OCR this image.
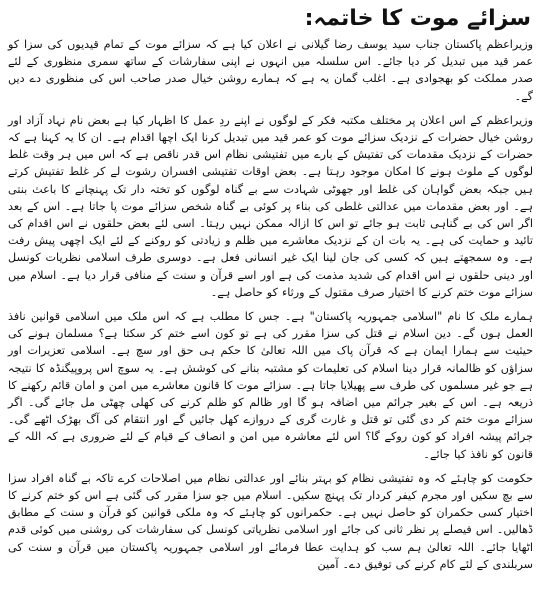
سزائے موت کا خاتمہ:
وزیراعظم پاکستان جناب سید یوسف رضا گیلانی نے اعلان کیا ہے کہ سزائے موت کے تمام قیدیوں کی سزا کو عمر قید میں تبدیل کر دیا جائے۔ اس سلسلہ میں انہوں نے اپنی سفارشات کے ساتھ سمری منظوری کے لئے صدر مملکت کو بھجوادی ہے۔ اغلب گمان یہ ہے کہ ہمارے روشن خیال صدر صاحب اس کی منظوری دے دیں گے۔
وزیراعظم کے اس اعلان پر مختلف مکتبہ فکر کے لوگوں نے اپنے ردِ عمل کا اظہار کیا ہے بعض نام نہاد آزاد اور روشن خیال حضرات کے نزدیک سزائے موت کو عمر قید میں تبدیل کرنا ایک اچھا اقدام ہے۔ ان کا یہ کہنا ہے کہ حضرات کے نزدیک مقدمات کی تفتیش کے بارے میں تفتیشی نظام اس قدر ناقص ہے کہ اس میں ہر وقت غلط لوگوں کے ملوث ہونے کا امکان موجود رہتا ہے۔ بعض اوقات تفتیشی افسران رشوت لے کر غلط تفتیش کرتے ہیں جبکہ بعض گواہان کی غلط اور جھوٹی شہادت سے بے گناہ لوگوں کو تختہ دار تک پہنچانے کا باعث بنتی ہے۔ اور بعض مقدمات میں عدالتی غلطی کی بناء پر کوئی بے گناہ شخص سزائے موت پا جاتا ہے۔ اس کے بعد اگر اس کی بے گناہی ثابت ہو جائے تو اس کا ازالہ ممکن نہیں رہتا۔ اسی لئے بعض حلقوں نے اس اقدام کی تائید و حمایت کی ہے۔ یہ بات ان کے نزدیک معاشرے میں ظلم و زیادتی کو روکنے کے لئے ایک اچھی پیش رفت ہے۔ وہ سمجھتے ہیں کہ کسی کی جان لینا ایک غیر انسانی فعل ہے۔ دوسری طرف اسلامی نظریات کونسل اور دینی حلقوں نے اس اقدام کی شدید مذمت کی ہے اور اسے قرآن و سنت کے منافی قرار دیا ہے۔ اسلام میں سزائے موت ختم کرنے کا اختیار صرف مقتول کے ورثاء کو حاصل ہے۔
ہمارے ملک کا نام "اسلامی جمہوریہ پاکستان" ہے۔ جس کا مطلب ہے کہ اس ملک میں اسلامی قوانین نافذ العمل ہوں گے۔ دین اسلام نے قتل کی سزا مقرر کی ہے تو کون اسے ختم کر سکتا ہے؟ مسلمان ہونے کی حیثیت سے ہمارا ایمان ہے کہ قرآن پاک میں اللہ تعالیٰ کا حکم ہی حق اور سچ ہے۔ اسلامی تعزیرات اور سزاؤں کو ظالمانہ قرار دینا اسلام کی تعلیمات کو مشتبہ بنانے کی کوشش ہے۔ یہ سوچ اس پروپیگنڈہ کا نتیجہ ہے جو غیر مسلموں کی طرف سے پھیلایا جاتا ہے۔ سزائے موت کا قانون معاشرے میں امن و امان قائم رکھنے کا ذریعہ ہے۔ اس کے بغیر جرائم میں اضافہ ہو گا اور ظالم کو ظلم کرنے کی کھلی چھٹی مل جائے گی۔ اگر سزائے موت ختم کر دی گئی تو قتل و غارت گری کے دروازے کھل جائیں گے اور انتقام کی آگ بھڑک اٹھے گی۔ جرائم پیشہ افراد کو کون روکے گا؟ اس لئے معاشرہ میں امن و انصاف کے قیام کے لئے ضروری ہے کہ اللہ کے قانون کو نافذ کیا جائے۔
حکومت کو چاہئے کہ وہ تفتیشی نظام کو بہتر بنائے اور عدالتی نظام میں اصلاحات کرے تاکہ بے گناہ افراد سزا سے بچ سکیں اور مجرم کیفر کردار تک پہنچ سکیں۔ اسلام میں جو سزا مقرر کی گئی ہے اس کو ختم کرنے کا اختیار کسی حکمران کو حاصل نہیں ہے۔ حکمرانوں کو چاہئے کہ وہ ملکی قوانین کو قرآن و سنت کے مطابق ڈھالیں۔ اس فیصلے پر نظر ثانی کی جائے اور اسلامی نظریاتی کونسل کی سفارشات کی روشنی میں کوئی قدم اٹھایا جائے۔ اللہ تعالیٰ ہم سب کو ہدایت عطا فرمائے اور اسلامی جمہوریہ پاکستان میں قرآن و سنت کی سربلندی کے لئے کام کرنے کی توفیق دے۔ آمین
